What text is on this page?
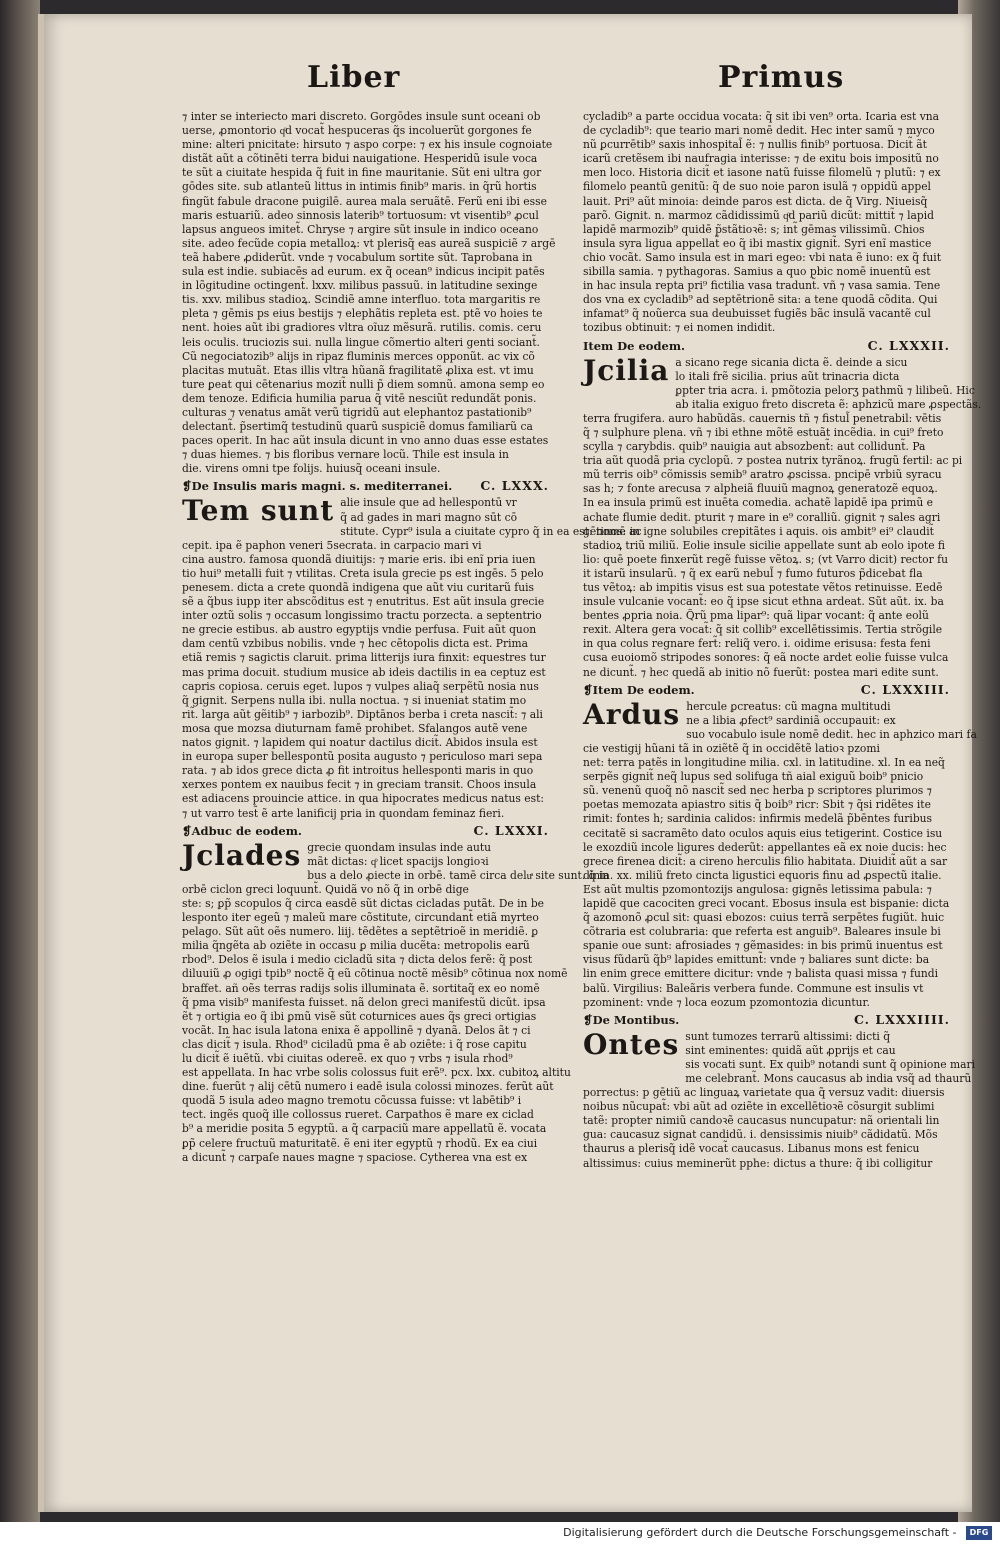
Liber	Primus
⁊ inter se interiecto mari discreto. Gorgōdes insule sunt oceani ob
uerse, ꝓmontorio qͦd vocat̃ hespuceras q̃s incoluerũt gorgones fe
mine: alteri pnicitate: hirsuto ⁊ aspo corpe: ⁊ ex his insule cognoiate
distãt aũt a cõtinēti terra bidui nauigatione. Hesperidũ isule voca
te sũt a ciuitate hespida q̃ fuit in fine mauritanie. Sũt eni ultra gor
gōdes site. sub atlanteũ littus in intimis finib⁹ maris. in q̃rũ hortis
fingũt fabule dracone puigilē. aurea mala seruãtē. Ferũ eni ibi esse
maris estuariũ. adeo sinnosis laterib⁹ tortuosum: vt visentib⁹ ꝓcul
lapsus angueos imitet̃. Chryse ⁊ argire sũt insule in indico oceano
site. adeo fecũde copia metalloꝝ: vt plerisq̃ eas aureã suspiciẽ ⁊ argē
teã habere ꝓdiderũt. vnde ⁊ vocabulum sortite sũt. Taprobana in
sula est indie. subiacēs ad eurum. ex q̃ ocean⁹ indicus incipit patēs
in lõgitudine octingent̃. lxxv. milibus passuũ. in latitudine sexinge
tis. xxv. milibus stadioꝝ. Scindiẽ amne interfluo. tota margaritis re
pleta ⁊ gēmis ps eius bestijs ⁊ elephãtis repleta est. ptẽ vo hoies te
nent. hoies aũt ibi gradiores vltra oĩuz mẽsurã. rutilis. comis. ceru
leis oculis. truciozis sui. nulla lingue cõmertio alteri genti sociant̃.
Cũ negociatozib⁹ alijs in ripaz fluminis merces opponũt. ac vix cõ
placitas mutuãt. Etas illis vltra hũanã fragilitatẽ ꝓlixa est. vt imu
ture ꝑeat qui cētenarius mozit̃ nulli p̃ diem somnũ. amona semp eo
dem tenoze. Edificia humilia parua q̃ vitē nesciũt redundãt ponis.
culturas ⁊ venatus amãt verũ tigridũ aut elephantoz pastationib⁹
delectant̃. p̃sertimq̃ testudinũ quarũ suspiciẽ domus familiarũ ca
paces operit. In hac aũt insula dicunt in vno anno duas esse estates
⁊ duas hiemes. ⁊ bis floribus vernare locũ. Thile est insula in
die. virens omni tpe folijs. huiusq̃ oceani insule.
❡De Insulis maris magni. s. mediterranei. C. LXXX.
Tem sunt alie insule que ad hellespontū vr
q̃ ad gades in mari magno sūt cō
stitute. Cypr⁹ isula a ciuitate cypro q̃ in ea est: nomē ac
cepit. ipa ẽ paphon veneri 5secrata. in carpacio mari vi
cina austro. famosa quondã diuitijs: ⁊ marie eris. ibi enĩ pria iuen
tio hui⁹ metalli fuit ⁊ vtilitas. Creta isula grecie ps est ingēs. 5 pelo
penesem. dicta a crete quondã indigena que aũt viu curitarũ fuis
sẽ a q̃bus iupp iter abscõditus est ⁊ enutritus. Est aũt insula grecie
inter oztũ solis ⁊ occasum longissimo tractu porzecta. a septentrio
ne grecie estibus. ab austro egyptijs vndie perfusa. Fuit aũt quon
dam centũ vzbibus nobilis. vnde ⁊ hec cētopolis dicta est. Prima
etiã remis ⁊ sagictis claruit. prima litterijs iura finxit: equestres tur
mas prima docuit. studium musice ab ideis dactilis in ea ceptuz est
capris copiosa. ceruis eget. lupos ⁊ vulpes aliaq̃ serpẽtũ nosia nus
q̃ gignit. Serpens nulla ibi. nulla noctua. ⁊ si inueniat statim mo
rit̃. larga aũt gẽitib⁹ ⁊ iarbozib⁹. Diptānos berba i creta nascit̃: ⁊ ali
mosa que mozsa diuturnam famē prohibet. Sfalangos autẽ vene
natos gignit. ⁊ lapidem qui noatur dactilus dicit̃. Abidos insula est
in europa super bellespontũ posita augusto ⁊ periculoso mari sepa
rata. ⁊ ab idos grece dicta ꝓ fit introitus hellesponti maris in quo
xerxes pontem ex nauibus fecit ⁊ in greciam transit. Choos insula
est adiacens prouincie attice. in qua hipocrates medicus natus est:
⁊ ut varro test̃ ẽ arte lanificij pria in quondam feminaz fieri.
❡Adbuc de eodem.	C. LXXXI.
Jclades grecie quondam insulas inde autu
mãt dictas: qͦ licet spacijs longioꝛi
bus a delo ꝓiecte in orbē. tamē circa deluͣ site sunt. q̃ in
orbē ciclon greci loquunt̃. Quidã vo nõ q̃ in orbē dige
ste: s; ꝑp̃ scopulos q̃ circa easdē sũt dictas cicladas putãt. De in be
lesponto iter egeũ ⁊ maleũ mare cõstitute, circundant̃ etiã myrteo
pelago. Sũt aũt oẽs numero. liij. tẽdẽtes a septẽtrioẽ in meridiẽ. ꝑ
milia q̃ngẽta ab oziẽte in occasu ꝑ milia ducẽta: metropolis earũ
rbod⁹. Delos ẽ isula i medio cicladũ sita ⁊ dicta delos ferẽ: q̃ post
diluuiũ ꝓ ogigi tpib⁹ noctẽ q̃ eũ cõtinua noctẽ mẽsib⁹ cõtinua nox nomē
braffet. añ oẽs terras radijs solis illuminata ẽ. sortitaq̃ ex eo nomē
q̃ pma visib⁹ manifesta fuisset. nã delon greci manifestũ dicũt. ipsa
ẽt ⁊ ortigia eo q̃ ibi ꝑmũ visẽ sũt coturnices aues q̃s greci ortigias
vocãt. In hac isula latona enixa ẽ appollinē ⁊ dyanã. Delos ãt ⁊ ci
clas dicit̃ ⁊ isula. Rhod⁹ ciciladũ pma ẽ ab oziēte: i q̃ rose capitu
lu dicit̃ ẽ iuẽtũ. vbi ciuitas odereẽ. ex quo ⁊ vrbs ⁊ isula rhod⁹
est appellata. In hac vrbe solis colossus fuit erē⁹. pcx. lxx. cubitoꝝ altitu
dine. fuerũt ⁊ alij cētũ numero i eadē isula colossi minozes. ferũt aũt
quodã 5 isula adeo magno tremotu cõcussa fuisse: vt labētib⁹ i
tect. ingẽs quoq̃ ille collossus rueret. Carpathos ẽ mare ex ciclad
b⁹ a meridie posita 5 egyptũ. a q̃ carpaciũ mare appellatũ ẽ. vocata
ꝑp̃ celere fructuũ maturitatẽ. ẽ eni iter egyptũ ⁊ rhodũ. Ex ea ciui
a dicunt̃ ⁊ carpaſe naues magne ⁊ spaciose. Cythereа vna est ex
cycladib⁹ a parte occidua vocata: q̃ sit ibi ven⁹ orta. Icaria est vna
de cycladib⁹: que teario mari nomē dedit. Hec inter samũ ⁊ myco
nũ ꝑcurrētib⁹ saxis inhospital̃ ẽ: ⁊ nullis finib⁹ portuosa. Dicit̃ ãt
icarũ cretẽsem ibi naufragia interisse: ⁊ de exitu bois impositũ no
men loco. Historia dicit̃ et iasone natũ fuisse filomelũ ⁊ plutũ: ⁊ ex
filomelo peantũ genitũ: q̃ de suo noie paron isulã ⁊ oppidũ appel
lauit. Pri⁹ aũt minoia: deinde paros est dicta. de q̃ Virg. Niueisq̃
parõ. Gignit. n. marmoz cãdidissimũ qͦd pariũ dicũt: mittit̃ ⁊ lapid
lapidē marmozib⁹ quidē p̃stãtioꝛẽ: s; int̃ gēmas vilissimũ. Chios
insula syra ligua appellat̃ eo q̃ ibi mastix gignit̃. Syri enĩ mastice
chio vocãt. Samo insula est in mari egeo: vbi nata ẽ iuno: ex q̃ fuit
sibilla samia. ⁊ pythagoras. Samius a quo pbic nomē inuentũ est
in hac insula repta pri⁹ fictilia vasa tradunt̃. vñ ⁊ vasa samia. Tene
dos vna ex cycladib⁹ ad septētrionē sita: a tene quodã cõdita. Qui
infamat⁹ q̃ noũerca sua deubuisset fugiẽs bãc insulã vacantẽ cul
tozibus obtinuit: ⁊ ei nomen indidit.
Item De eodem.	C. LXXXII.
Jcilia a sicano rege sicania dicta ẽ. deinde a sicu
lo itali frẽ sicilia. prius aũt trinacria dicta
ꝑpter tria acra. i. pmõtozia pelorʒ pathmũ ⁊ lilibeũ. Hic
ab italia exiguo freto discreta ẽ: aphzicũ mare ꝓspectãs.
terra frugifera. auro habũdãs. cauernis tñ ⁊ fistul̃ penetrabil: vētis
q̃ ⁊ sulphure plena. vñ ⁊ ibi ethne mõtẽ estuãt incẽdia. in cui⁹ freto
scylla ⁊ carybdis. quib⁹ nauigia aut absozbent̃: aut collidunt̃. Pa
tria aũt quodã pria cyclopũ. ⁊ postea nutrix tyrãnoꝝ. frugũ fertil: ac pi
mũ terris oib⁹ cõmissis semib⁹ aratro ꝓscissa. pncipē vrbiũ syracu
sas h; ⁊ fonte arecusa ⁊ alpheiã fluuiũ magnoꝝ generatozẽ equoꝝ.
In ea insula primũ est inuēta comedia. achatẽ lapidē ipa primũ e
achate flumie dedit. pturit ⁊ mare in e⁹ coralliũ. gignit ⁊ sales agri
gētinos: in igne solubiles crepitãtes i aquis. ois ambit⁹ ei⁹ claudit̃
stadioꝝ triũ miliũ. Eolie insule sicilie appellate sunt ab eolo ipote fi
lio: quē poete finxerũt regẽ fuisse vẽtoꝝ. s; (vt Varro dicit) rector fu
it istarũ insularũ. ⁊ q̃ ex earũ nebul̃ ⁊ fumo futuros p̃dicebat fla
tus vẽtoꝝ: ab impitis visus est sua potestate vẽtos retinuisse. Eedē
insule vulcanie vocant̃: eo q̃ ipse sicut ethna ardeat. Sũt aũt. ix. ba
bentes ꝓpria noia. Q̃rũ pma lipar⁹: quã lipar vocant: q̃ ante eolũ
rexit. Altera gera vocat̃: q̃ sit collib⁹ excellētissimis. Tertia strõgile
in qua colus regnare fert̃: reliq̃ vero. i. oidime erisusa: festa feni
cusa euoiomõ stripodes sonores: q̃ eã nocte ardet eolie fuisse vulca
ne dicunt̃. ⁊ hec quedã ab initio nõ fuerũt: postea mari edite sunt.
❡Item De eodem.	C. LXXXIII.
Ardus hercule ꝑcreatus: cũ magna multitudi
ne a libia ꝓfect⁹ sardiniã occupauit: ex
suo vocabulo isule nomē dedit. hec in aphzico mari fa
cie vestigij hũani tã in oziẽtẽ q̃ in occidẽtẽ latioꝛ pzomi
net: terra patẽs in longitudine milia. cxl. in latitudine. xl. In ea neq̃
serpẽs gignit̃ neq̃ lupus sed solifuga tñ aial exiguũ boib⁹ pnicio
sũ. venenũ quoq̃ nõ nascit̃ sed nec herba p scriptores plurimos ⁊
poetas memozata apiastro sitis q̃ boib⁹ ricr: Sbit ⁊ q̃si ridẽtes ite
rimit: fontes h; sardinia calidos: infirmis medelã p̃bēntes furibus
cecitatẽ si sacramẽto dato oculos aquis eius tetigerint. Costice isu
le exozdiũ incole ligures dederũt: appellantes eã ex noie ducis: hec
grece firenea dicit̃: a cireno herculis filio habitata. Diuidit̃ aũt a sar
dinia. xx. miliũ freto cincta ligustici equoris finu ad ꝓspectũ italie.
Est aũt multis pzomontozijs angulosa: gignēs letissima pabula: ⁊
lapidẽ que cacociten greci vocant. Ebosus insula est bispanie: dicta
q̃ azomonõ ꝓcul sit: quasi ebozos: cuius terrã serpētes fugiũt. huic
cõtraria est colubraria: que referta est anguib⁹. Baleares insule bi
spanie oue sunt: afrosiades ⁊ gẽmasides: in bis primũ inuentus est
visus fũdarũ q̃b⁹ lapides emittunt̃: vnde ⁊ baliares sunt dicte: ba
lin enim grece emittere dicitur: vnde ⁊ balista quasi missa ⁊ fundi
balũ. Virgilius: Baleãris verbera funde. Commune est insulis vt
pzominent: vnde ⁊ loca eozum pzomontozia dicuntur.
❡De Montibus.	C. LXXXIIII.
Ontes sunt tumozes terrarũ altissimi: dicti q̃
sint eminentes: quidã aũt ꝓprijs et cau
sis vocati sunt. Ex quib⁹ notandi sunt q̃ opinione mari
me celebrant̃. Mons caucasus ab india vsq̃ ad thaurũ
porrectus: p gētiũ ac linguaꝝ varietate qua q̃ versuz vadit: diuersis
noibus nũcupat̃: vbi aũt ad oziẽte in excellētioꝛẽ cõsurgit sublimi
tatẽ: propter nimiũ candoꝛẽ caucasus nuncupatur: nã orientali lin
gua: caucasuz signat candidũ. i. densissimis niuib⁹ cãdidatũ. Mõs
thaurus a plerisq̃ idẽ vocat̃ caucasus. Libanus mons est fenicu
altissimus: cuius meminerũt pphe: dictus a thure: q̃ ibi colligitur
Digitalisierung gefördert durch die Deutsche Forschungsgemeinschaft - DFG
